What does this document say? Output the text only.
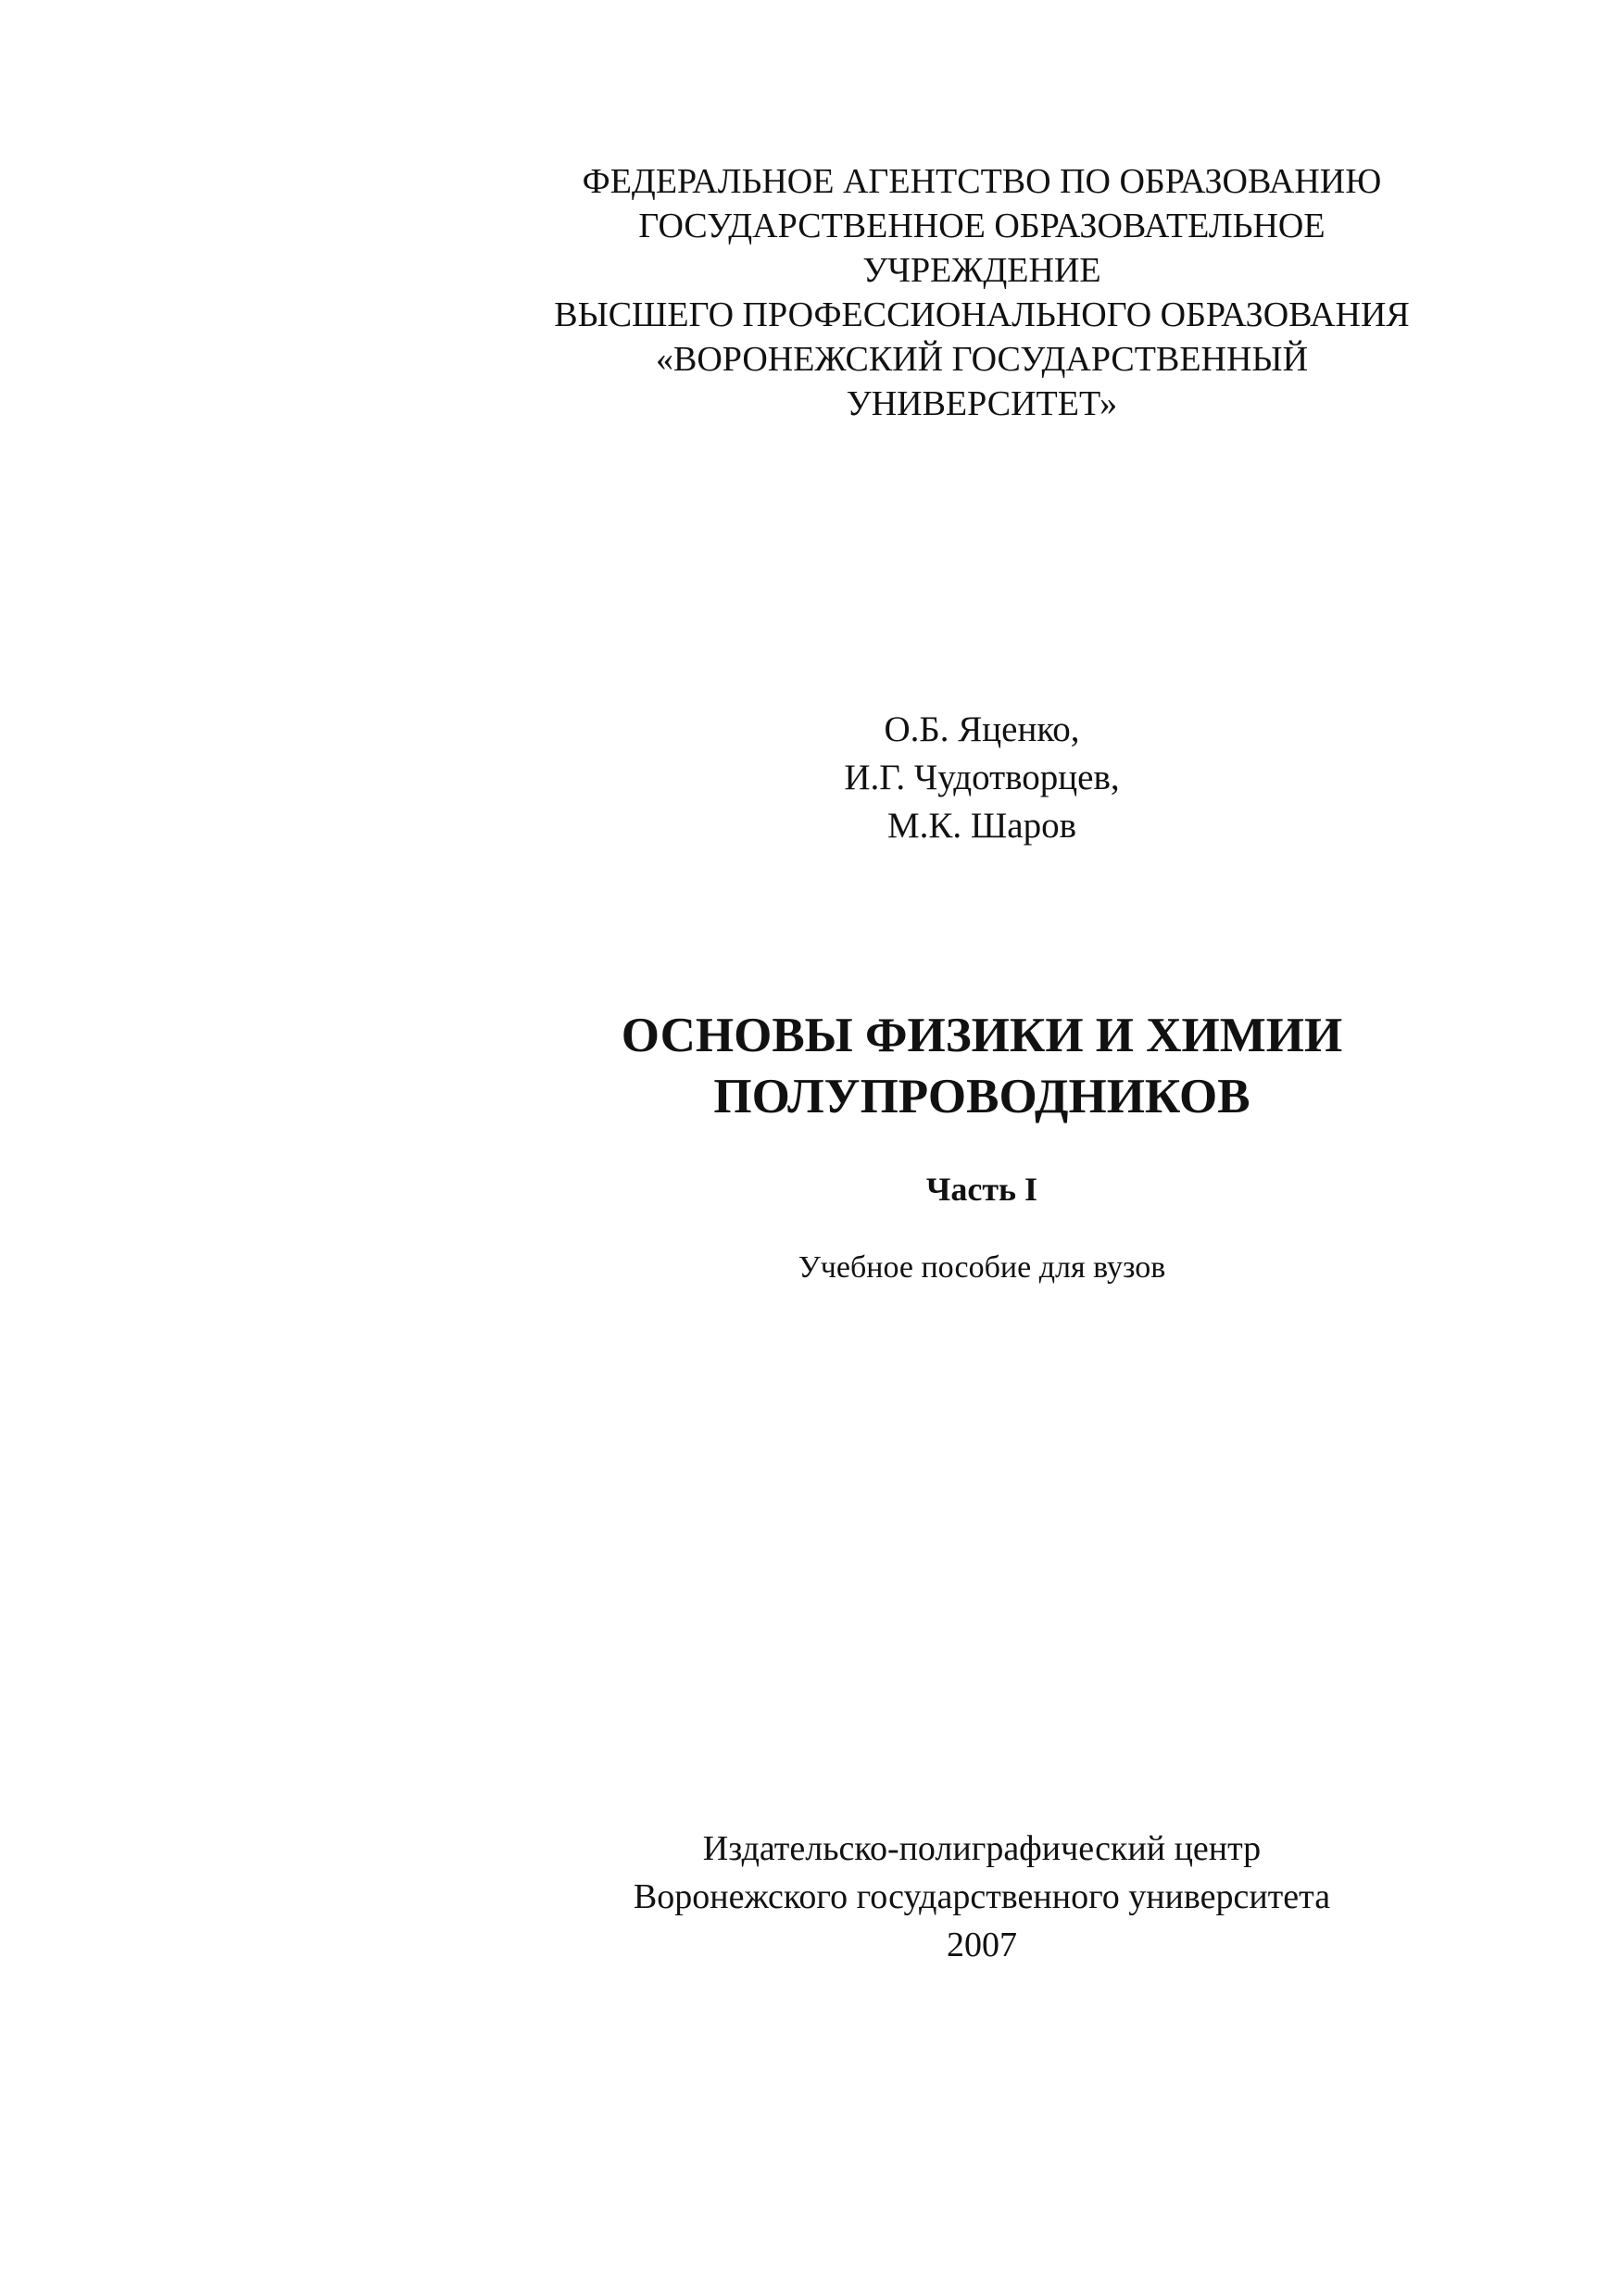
ФЕДЕРАЛЬНОЕ АГЕНТСТВО ПО ОБРАЗОВАНИЮ
ГОСУДАРСТВЕННОЕ ОБРАЗОВАТЕЛЬНОЕ
УЧРЕЖДЕНИЕ
ВЫСШЕГО ПРОФЕССИОНАЛЬНОГО ОБРАЗОВАНИЯ
«ВОРОНЕЖСКИЙ ГОСУДАРСТВЕННЫЙ
УНИВЕРСИТЕТ»
О.Б. Яценко,
И.Г. Чудотворцев,
М.К. Шаров
ОСНОВЫ ФИЗИКИ И ХИМИИ
ПОЛУПРОВОДНИКОВ
Часть I
Учебное пособие для вузов
Издательско-полиграфический центр
Воронежского государственного университета
2007
